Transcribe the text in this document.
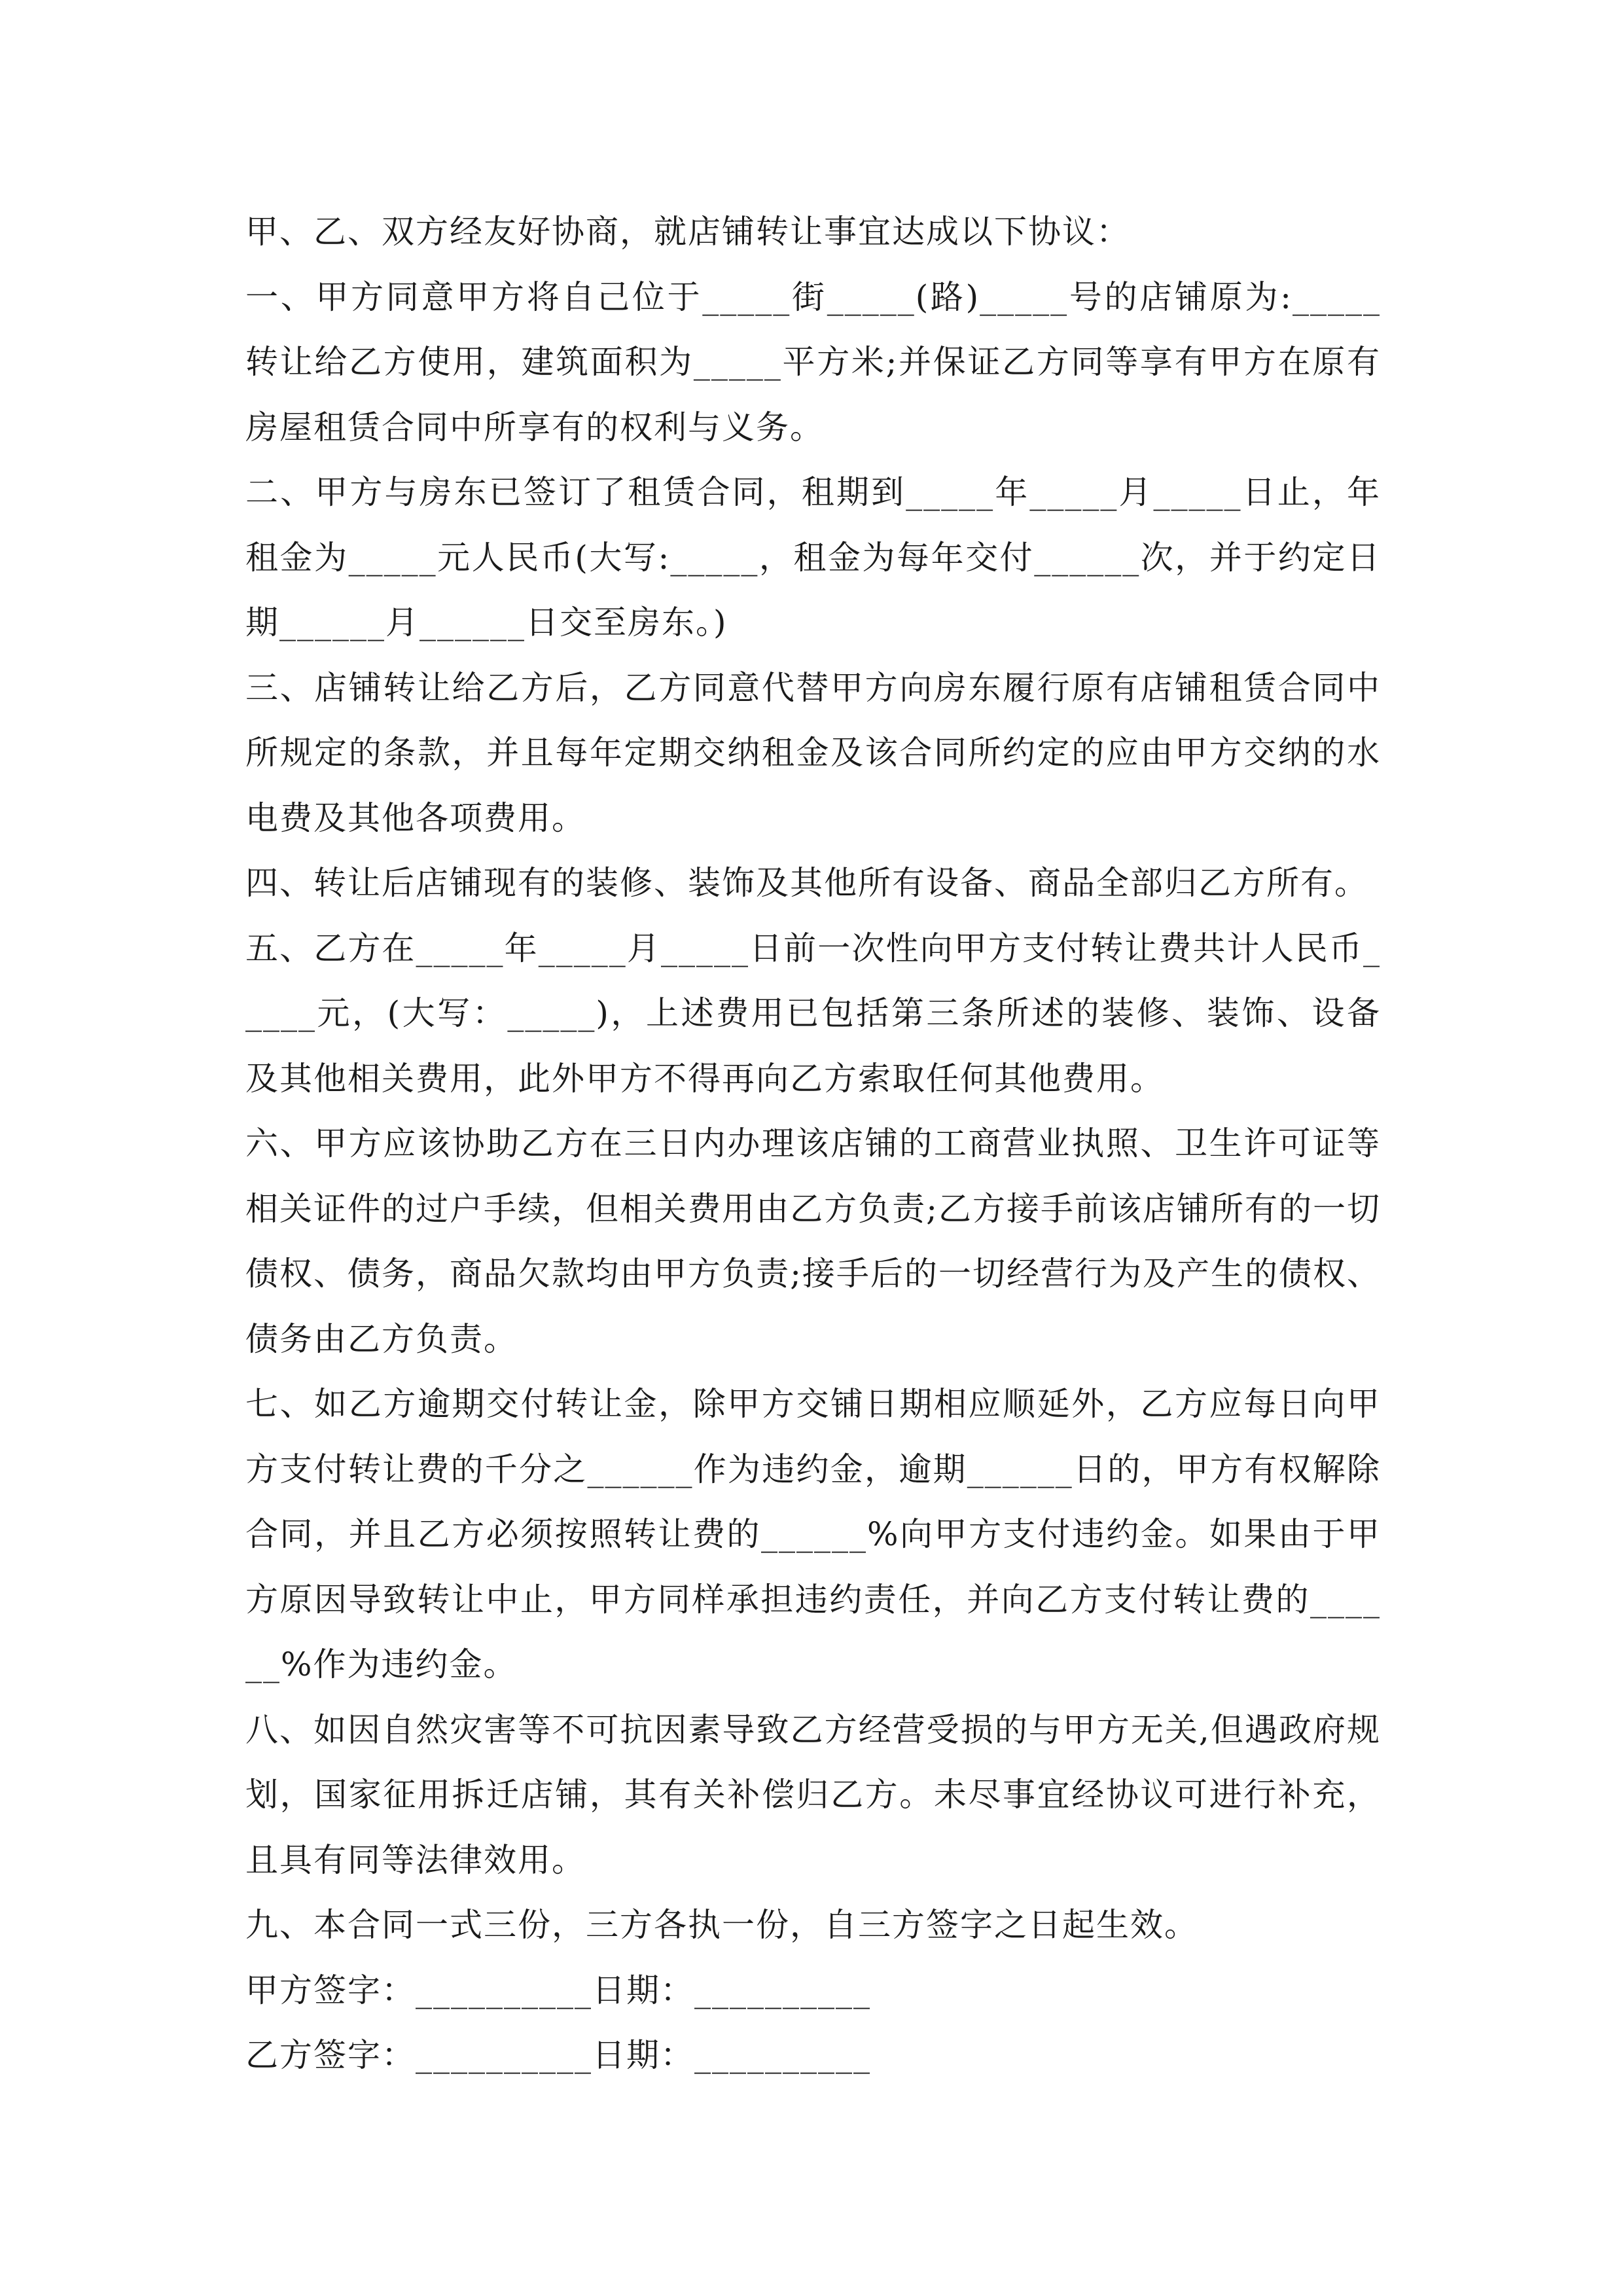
甲、乙、双方经友好协商，就店铺转让事宜达成以下协议：

一、甲方同意甲方将自己位于_____街_____(路)_____号的店铺原为:_____转让给乙方使用，建筑面积为_____平方米;并保证乙方同等享有甲方在原有房屋租赁合同中所享有的权利与义务。

二、甲方与房东已签订了租赁合同，租期到_____年_____月_____日止，年租金为_____元人民币(大写:_____，租金为每年交付______次，并于约定日期______月______日交至房东。)

三、店铺转让给乙方后，乙方同意代替甲方向房东履行原有店铺租赁合同中所规定的条款，并且每年定期交纳租金及该合同所约定的应由甲方交纳的水电费及其他各项费用。

四、转让后店铺现有的装修、装饰及其他所有设备、商品全部归乙方所有。

五、乙方在_____年_____月_____日前一次性向甲方支付转让费共计人民币_____元，(大写：_____)，上述费用已包括第三条所述的装修、装饰、设备及其他相关费用，此外甲方不得再向乙方索取任何其他费用。

六、甲方应该协助乙方在三日内办理该店铺的工商营业执照、卫生许可证等相关证件的过户手续，但相关费用由乙方负责;乙方接手前该店铺所有的一切债权、债务，商品欠款均由甲方负责;接手后的一切经营行为及产生的债权、债务由乙方负责。

七、如乙方逾期交付转让金，除甲方交铺日期相应顺延外，乙方应每日向甲方支付转让费的千分之______作为违约金，逾期______日的，甲方有权解除合同，并且乙方必须按照转让费的______%向甲方支付违约金。如果由于甲方原因导致转让中止，甲方同样承担违约责任，并向乙方支付转让费的______%作为违约金。

八、如因自然灾害等不可抗因素导致乙方经营受损的与甲方无关,但遇政府规划，国家征用拆迁店铺，其有关补偿归乙方。未尽事宜经协议可进行补充，且具有同等法律效用。

九、本合同一式三份，三方各执一份，自三方签字之日起生效。

甲方签字：__________日期：__________

乙方签字：__________日期：__________
